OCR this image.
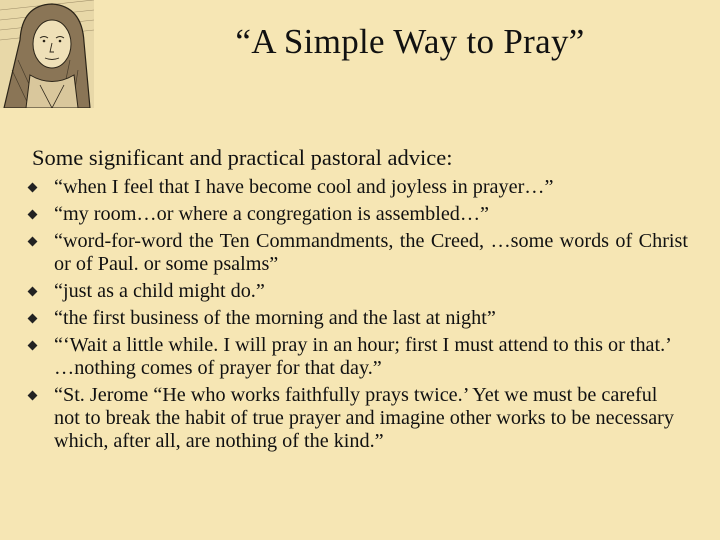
“A Simple Way to Pray”
Some significant and practical pastoral advice:
“when I feel that I have become cool and joyless in prayer…”
“my room…or where a congregation is assembled…”
“word-for-word the Ten Commandments, the Creed, …some words of Christ or of Paul. or some psalms”
“just as a child might do.”
“the first business of the morning and the last at night”
“‘Wait a little while. I will pray in an hour; first I must attend to this or that.’ …nothing comes of prayer for that day.”
“St. Jerome “He who works faithfully prays twice.’ Yet we must be careful not to break the habit of true prayer and imagine other works to be necessary which, after all, are nothing of the kind.”
